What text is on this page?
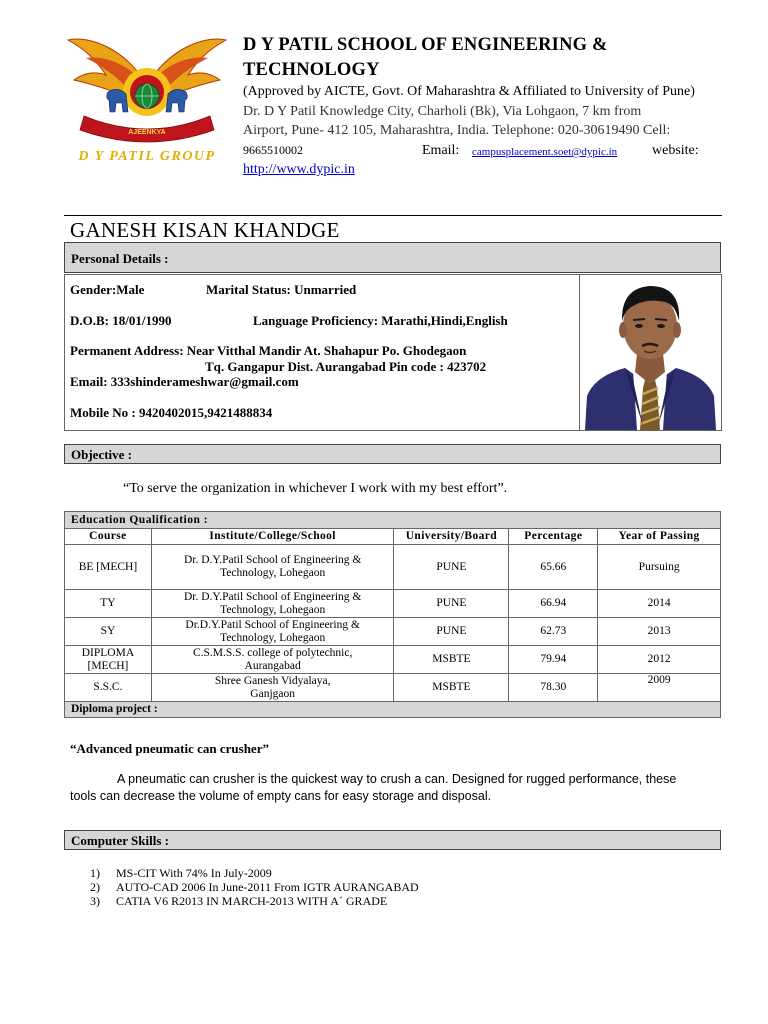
AJEENKYA
D Y PATIL GROUP
D Y PATIL SCHOOL OF ENGINEERING &
TECHNOLOGY
(Approved by AICTE, Govt. Of Maharashtra & Affiliated to University of Pune)
Dr. D Y Patil Knowledge City, Charholi (Bk), Via Lohgaon, 7 km from
Airport, Pune- 412 105, Maharashtra, India. Telephone: 020-30619490 Cell:
9665510002	Email: campusplacement.soet@dypic.in website:
http://www.dypic.in
GANESH KISAN KHANDGE
Personal Details :
Gender:Male	Marital Status: Unmarried
D.O.B: 18/01/1990	Language Proficiency: Marathi,Hindi,English
Permanent Address: Near Vitthal Mandir At. Shahapur Po. Ghodegaon
Tq. Gangapur Dist. Aurangabad Pin code : 423702
Email: 333shinderameshwar@gmail.com
Mobile No : 9420402015,9421488834
Objective :
“To serve the organization in whichever I work with my best effort”.
Education Qualification :				
Course	Institute/College/School	University/Board	Percentage	Year of Passing
BE [MECH]	Dr. D.Y.Patil School of Engineering &
Technology, Lohegaon	PUNE	65.66	Pursuing
TY	Dr. D.Y.Patil School of Engineering &
Technology, Lohegaon	PUNE	66.94	2014
SY	Dr.D.Y.Patil School of Engineering &
Technology, Lohegaon	PUNE	62.73	2013
DIPLOMA [MECH]	C.S.M.S.S. college of polytechnic,
Aurangabad	MSBTE	79.94	2012
S.S.C.	Shree Ganesh Vidyalaya,
Ganjgaon	MSBTE	78.30	2009
Diploma project :				
“Advanced pneumatic can crusher”
A pneumatic can crusher is the quickest way to crush a can. Designed for rugged performance, these
tools can decrease the volume of empty cans for easy storage and disposal.
Computer Skills :
1) MS-CIT With 74% In July-2009
2) AUTO-CAD 2006 In June-2011 From IGTR AURANGABAD
3) CATIA V6 R2013 IN MARCH-2013 WITH A´ GRADE
